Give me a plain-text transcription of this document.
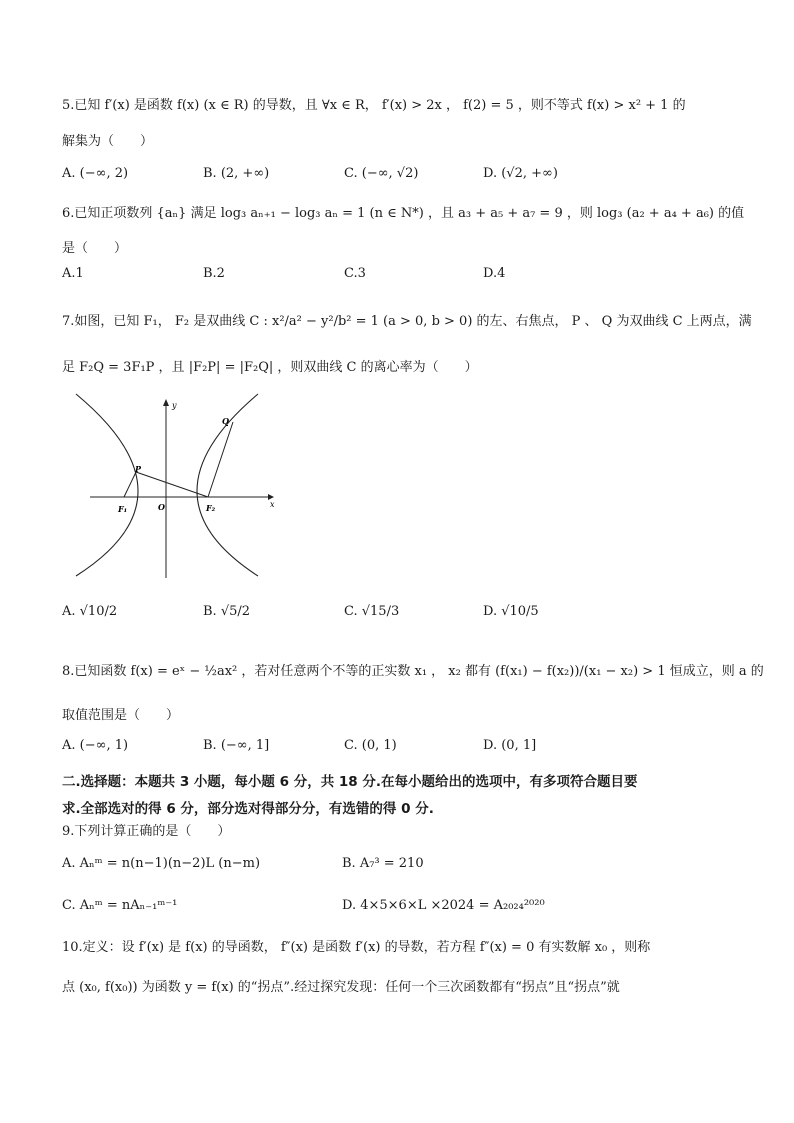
5.已知 f′(x) 是函数 f(x) (x ∈ R) 的导数，且 ∀x ∈ R， f′(x) > 2x ， f(2) = 5 ，则不等式 f(x) > x² + 1 的
解集为（　　）
A. (−∞, 2)	B. (2, +∞)	C. (−∞, √2)	D. (√2, +∞)
6.已知正项数列 {aₙ} 满足 log₃ aₙ₊₁ − log₃ aₙ = 1 (n ∈ N*) ，且 a₃ + a₅ + a₇ = 9 ，则 log₃ (a₂ + a₄ + a₆) 的值
是（　　）
A.1	B.2	C.3	D.4
7.如图，已知 F₁， F₂ 是双曲线 C : x²/a² − y²/b² = 1 (a > 0, b > 0) 的左、右焦点， P 、 Q 为双曲线 C 上两点，满
足 F₂Q = 3F₁P ，且 |F₂P| = |F₂Q| ，则双曲线 C 的离心率为（　　）
y
x
O
F₁	F₂
P
Q
A. √10/2	B. √5/2	C. √15/3	D. √10/5
8.已知函数 f(x) = eˣ − ½ax² ，若对任意两个不等的正实数 x₁ ， x₂ 都有 (f(x₁) − f(x₂))/(x₁ − x₂) > 1 恒成立，则 a 的
取值范围是（　　）
A. (−∞, 1)	B. (−∞, 1]	C. (0, 1)	D. (0, 1]
二.选择题：本题共 3 小题，每小题 6 分，共 18 分.在每小题给出的选项中，有多项符合题目要
求.全部选对的得 6 分，部分选对得部分分，有选错的得 0 分.
9.下列计算正确的是（　　）
A. Aₙᵐ = n(n−1)(n−2)L (n−m)	B. A₇³ = 210
C. Aₙᵐ = nAₙ₋₁ᵐ⁻¹	D. 4×5×6×L ×2024 = A₂₀₂₄²⁰²⁰
10.定义：设 f′(x) 是 f(x) 的导函数， f″(x) 是函数 f′(x) 的导数，若方程 f″(x) = 0 有实数解 x₀ ，则称
点 (x₀, f(x₀)) 为函数 y = f(x) 的“拐点”.经过探究发现：任何一个三次函数都有“拐点”且“拐点”就
